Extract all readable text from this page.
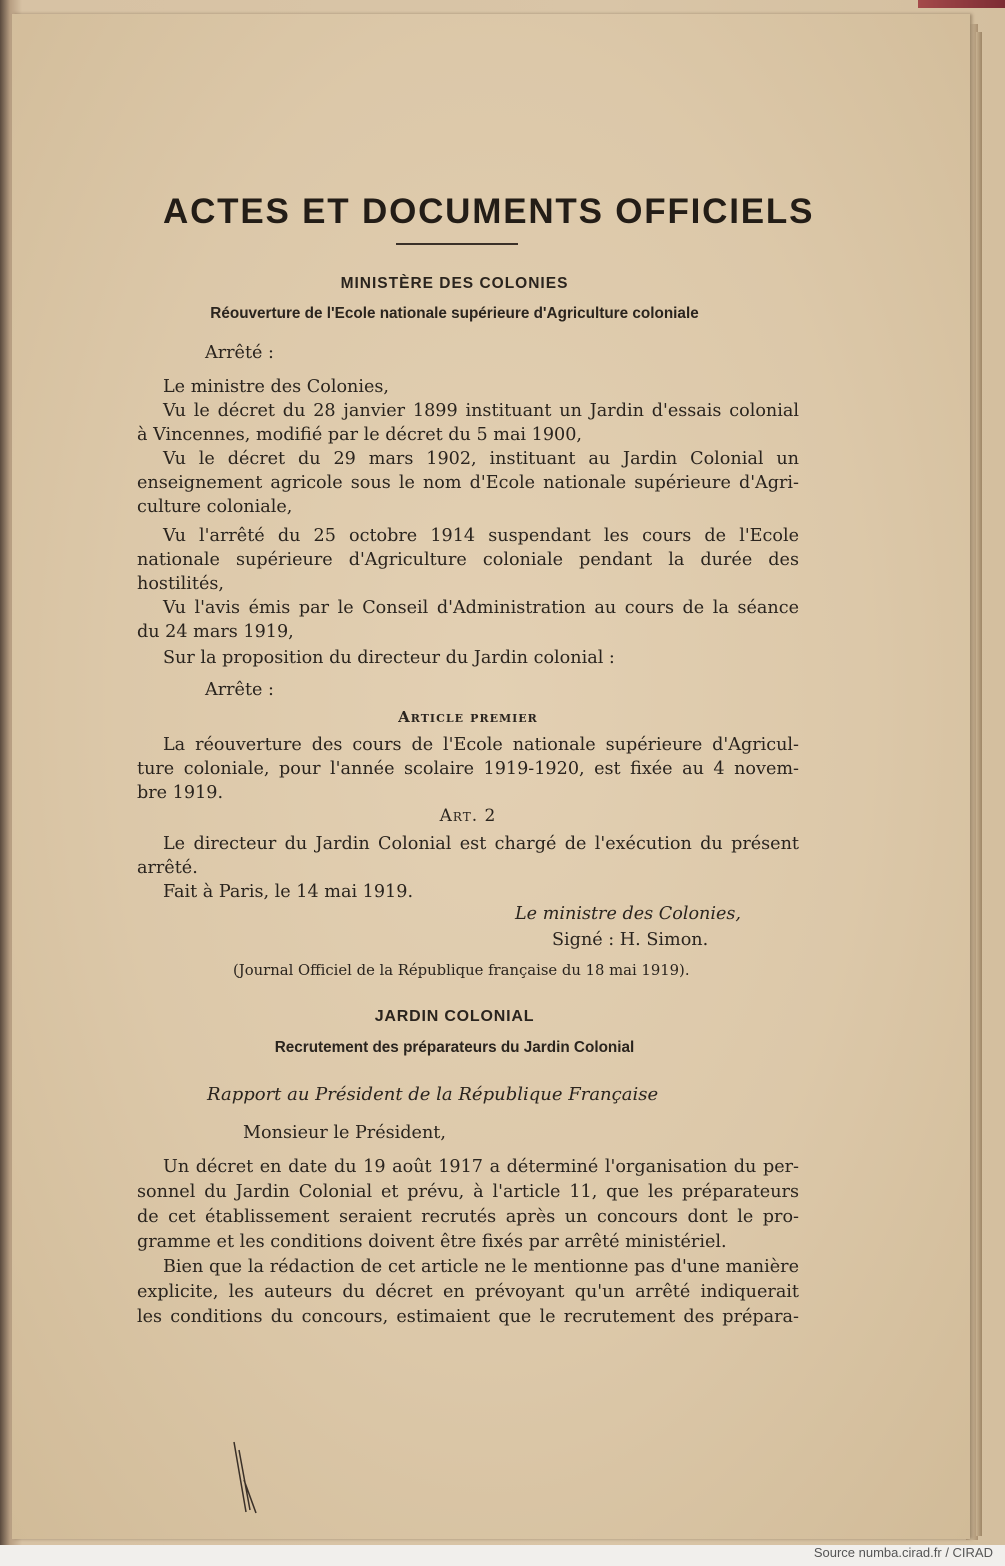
ACTES ET DOCUMENTS OFFICIELS

MINISTÈRE DES COLONIES

Réouverture de l'Ecole nationale supérieure d'Agriculture coloniale

Arrêté :

Le ministre des Colonies,

Vu le décret du 28 janvier 1899 instituant un Jardin d'essais colonial

à Vincennes, modifié par le décret du 5 mai 1900,

Vu le décret du 29 mars 1902, instituant au Jardin Colonial un

enseignement agricole sous le nom d'Ecole nationale supérieure d'Agri-

culture coloniale,

Vu l'arrêté du 25 octobre 1914 suspendant les cours de l'Ecole

nationale supérieure d'Agriculture coloniale pendant la durée des

hostilités,

Vu l'avis émis par le Conseil d'Administration au cours de la séance

du 24 mars 1919,

Sur la proposition du directeur du Jardin colonial :

Arrête :

Article premier

La réouverture des cours de l'Ecole nationale supérieure d'Agricul-

ture coloniale, pour l'année scolaire 1919-1920, est fixée au 4 novem-

bre 1919.

Art. 2

Le directeur du Jardin Colonial est chargé de l'exécution du présent

arrêté.

Fait à Paris, le 14 mai 1919.

Le ministre des Colonies,

Signé : H. Simon.

(Journal Officiel de la République française du 18 mai 1919).

JARDIN COLONIAL

Recrutement des préparateurs du Jardin Colonial

Rapport au Président de la République Française

Monsieur le Président,

Un décret en date du 19 août 1917 a déterminé l'organisation du per-

sonnel du Jardin Colonial et prévu, à l'article 11, que les préparateurs

de cet établissement seraient recrutés après un concours dont le pro-

gramme et les conditions doivent être fixés par arrêté ministériel.

Bien que la rédaction de cet article ne le mentionne pas d'une manière

explicite, les auteurs du décret en prévoyant qu'un arrêté indiquerait

les conditions du concours, estimaient que le recrutement des prépara-

Source numba.cirad.fr / CIRAD
